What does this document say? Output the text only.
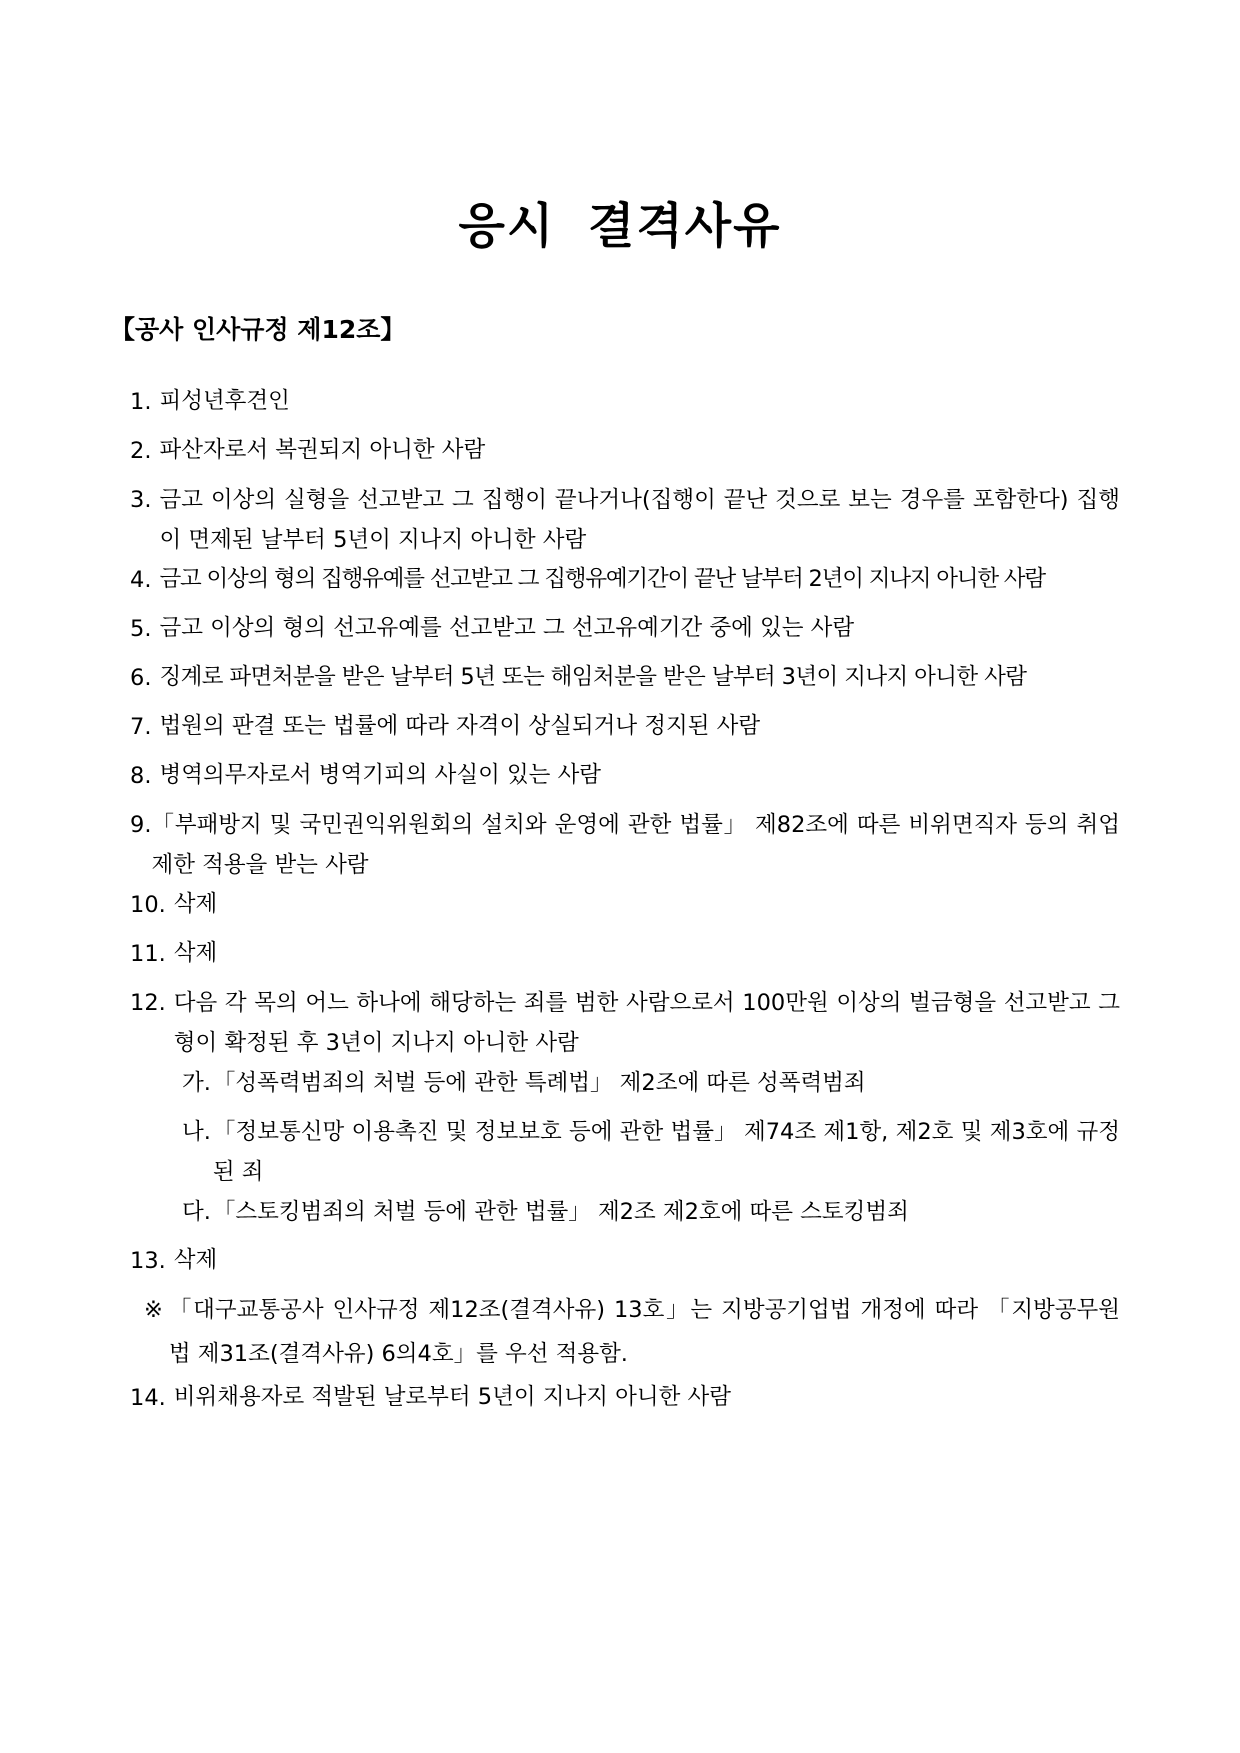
응시 결격사유
【공사 인사규정 제12조】
1. 피성년후견인
2. 파산자로서 복권되지 아니한 사람
3. 금고 이상의 실형을 선고받고 그 집행이 끝나거나(집행이 끝난 것으로 보는 경우를 포함한다) 집행이 면제된 날부터 5년이 지나지 아니한 사람
4. 금고 이상의 형의 집행유예를 선고받고 그 집행유예기간이 끝난 날부터 2년이 지나지 아니한 사람
5. 금고 이상의 형의 선고유예를 선고받고 그 선고유예기간 중에 있는 사람
6. 징계로 파면처분을 받은 날부터 5년 또는 해임처분을 받은 날부터 3년이 지나지 아니한 사람
7. 법원의 판결 또는 법률에 따라 자격이 상실되거나 정지된 사람
8. 병역의무자로서 병역기피의 사실이 있는 사람
9. 「부패방지 및 국민권익위원회의 설치와 운영에 관한 법률」 제82조에 따른 비위면직자 등의 취업제한 적용을 받는 사람
10. 삭제
11. 삭제
12. 다음 각 목의 어느 하나에 해당하는 죄를 범한 사람으로서 100만원 이상의 벌금형을 선고받고 그 형이 확정된 후 3년이 지나지 아니한 사람
가. 「성폭력범죄의 처벌 등에 관한 특례법」 제2조에 따른 성폭력범죄
나. 「정보통신망 이용촉진 및 정보보호 등에 관한 법률」 제74조 제1항, 제2호 및 제3호에 규정된 죄
다. 「스토킹범죄의 처벌 등에 관한 법률」 제2조 제2호에 따른 스토킹범죄
13. 삭제
※ 「대구교통공사 인사규정 제12조(결격사유) 13호」는 지방공기업법 개정에 따라 「지방공무원법 제31조(결격사유) 6의4호」를 우선 적용함.
14. 비위채용자로 적발된 날로부터 5년이 지나지 아니한 사람
